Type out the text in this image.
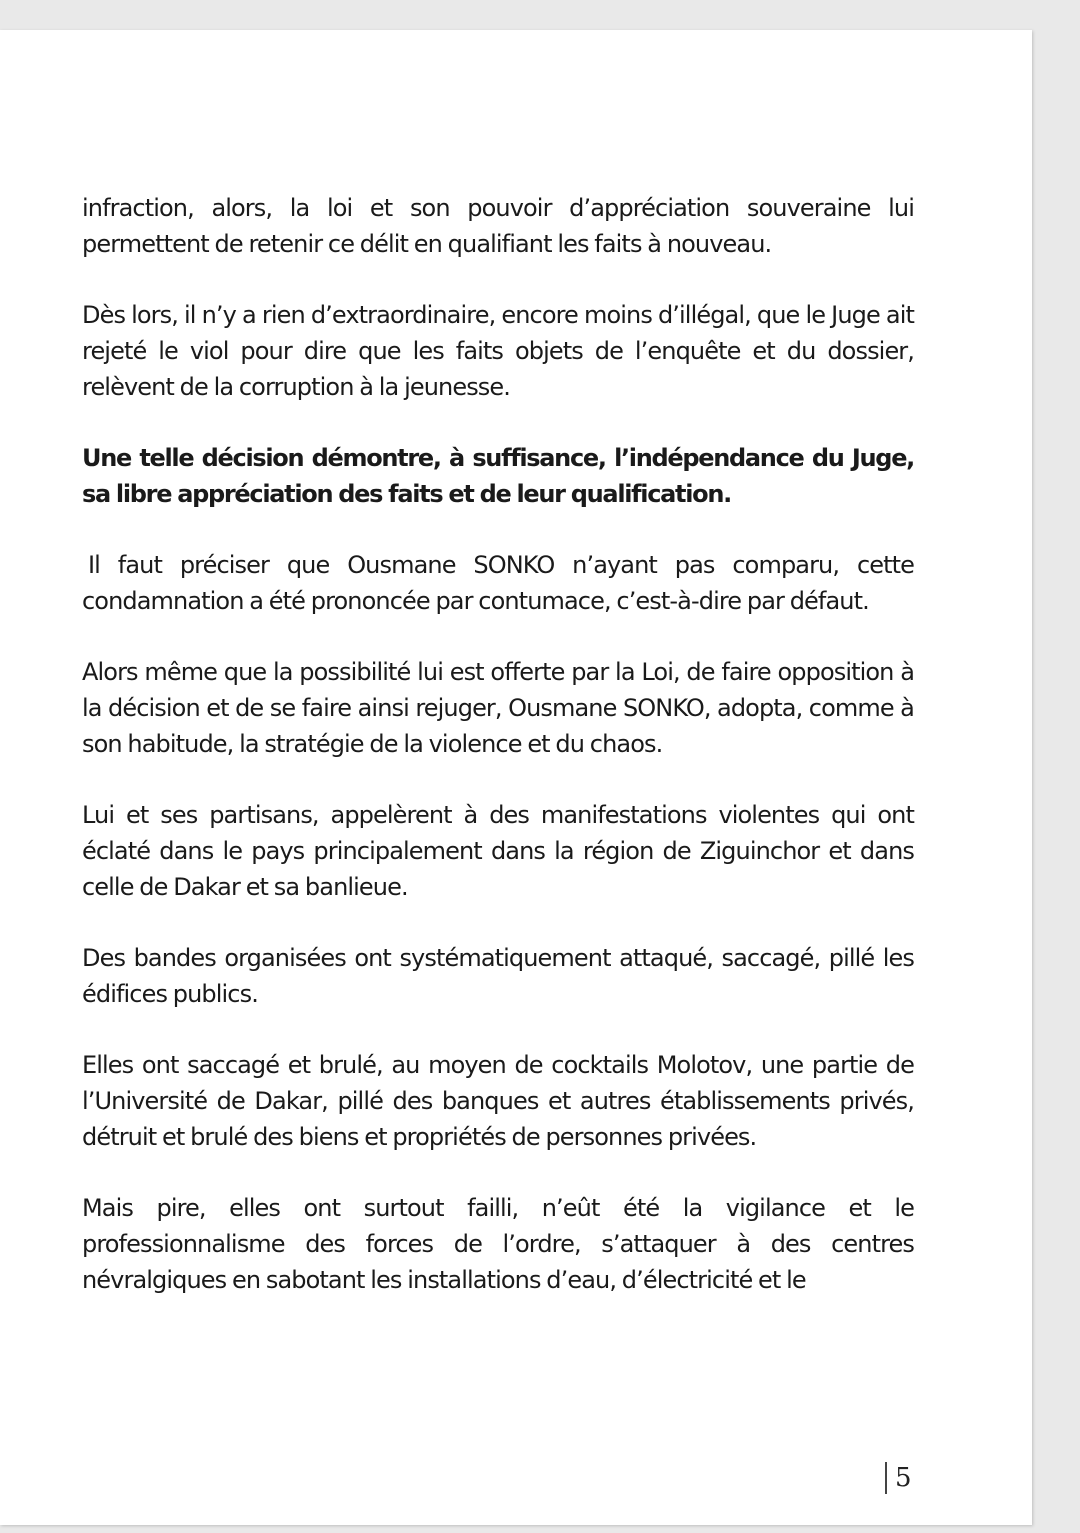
infraction, alors, la loi et son pouvoir d’appréciation souveraine lui permettent de retenir ce délit en qualifiant les faits à nouveau.

Dès lors, il n’y a rien d’extraordinaire, encore moins d’illégal, que le Juge ait rejeté le viol pour dire que les faits objets de l’enquête et du dossier, relèvent de la corruption à la jeunesse.

Une telle décision démontre, à suffisance, l’indépendance du Juge, sa libre appréciation des faits et de leur qualification.

Il faut préciser que Ousmane SONKO n’ayant pas comparu, cette condamnation a été prononcée par contumace, c’est-à-dire par défaut.

Alors même que la possibilité lui est offerte par la Loi, de faire opposition à la décision et de se faire ainsi rejuger, Ousmane SONKO, adopta, comme à son habitude, la stratégie de la violence et du chaos.

Lui et ses partisans, appelèrent à des manifestations violentes qui ont éclaté dans le pays principalement dans la région de Ziguinchor et dans celle de Dakar et sa banlieue.

Des bandes organisées ont systématiquement attaqué, saccagé, pillé les édifices publics.

Elles ont saccagé et brulé, au moyen de cocktails Molotov, une partie de l’Université de Dakar, pillé des banques et autres établissements privés, détruit et brulé des biens et propriétés de personnes privées.

Mais pire, elles ont surtout failli, n’eût été la vigilance et le professionnalisme des forces de l’ordre, s’attaquer à des centres névralgiques en sabotant les installations d’eau, d’électricité et le

5
